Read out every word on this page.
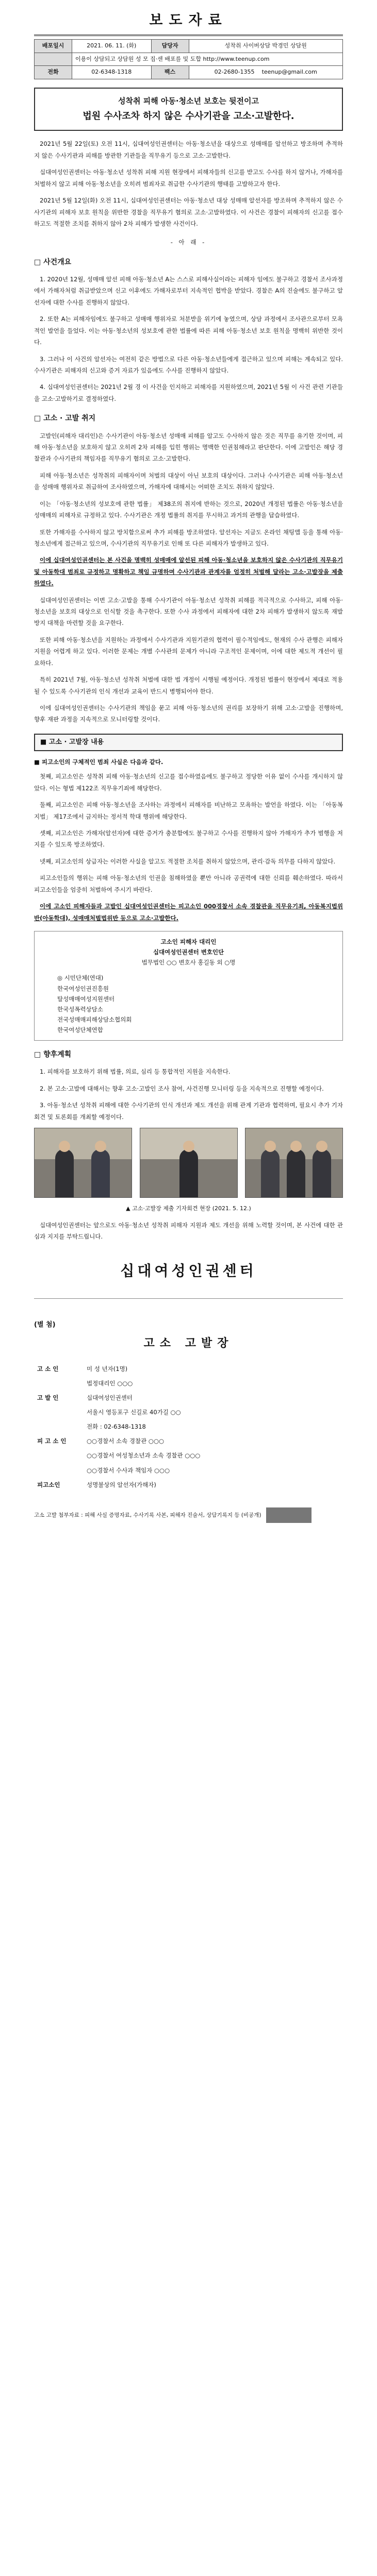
보도자료
배포일시	2021. 06. 11. (화)	담당자	성착취 사이버상담 박경민 상담원
	이용이 상담되고 상담원 성 모 집·센 배포를 및 도합 http://www.teenup.com		
전화	02-6348-1318	팩스	02-2680-1355 teenup@gmail.com
성착취 피해 아동·청소년 보호는 뒷전이고
법원 수사조차 하지 않은 수사기관을 고소·고발한다.

2021년 5월 22일(토) 오전 11시, 십대여성인권센터는 아동·청소년을 대상으로 성매매를 알선하고 방조하며 추적하지 않은 수사기관과 피해를 방관한 기관들을 직무유기 등으로 고소·고발한다.

십대여성인권센터는 아동·청소년 성착취 피해 지원 현장에서 피해자들의 신고를 받고도 수사를 하지 않거나, 가해자를 처벌하지 않고 피해 아동·청소년을 오히려 범죄자로 취급한 수사기관의 행태를 고발하고자 한다.

2021년 5월 12일(화) 오전 11시, 십대여성인권센터는 아동·청소년 대상 성매매 알선자를 방조하며 추적하지 않은 수사기관의 피해자 보호 원칙을 위반한 경찰을 직무유기 혐의로 고소·고발하였다. 이 사건은 경찰이 피해자의 신고를 접수하고도 적절한 조치를 취하지 않아 2차 피해가 발생한 사건이다.

- 아 래 -
□ 사건개요

1. 2020년 12월, 성매매 알선 피해 아동·청소년 A는 스스로 피해사실이라는 피해자 임에도 불구하고 경찰서 조사과정에서 가해자처럼 취급받았으며 신고 이후에도 가해자로부터 지속적인 협박을 받았다. 경찰은 A의 진술에도 불구하고 알선자에 대한 수사를 진행하지 않았다.

2. 또한 A는 피해자임에도 불구하고 성매매 행위자로 처분받을 위기에 놓였으며, 상담 과정에서 조사관으로부터 모욕적인 발언을 들었다. 이는 아동·청소년의 성보호에 관한 법률에 따른 피해 아동·청소년 보호 원칙을 명백히 위반한 것이다.

3. 그러나 이 사건의 알선자는 여전히 같은 방법으로 다른 아동·청소년들에게 접근하고 있으며 피해는 계속되고 있다. 수사기관은 피해자의 신고와 증거 자료가 있음에도 수사를 진행하지 않았다.

4. 십대여성인권센터는 2021년 2월 경 이 사건을 인지하고 피해자를 지원하였으며, 2021년 5월 이 사건 관련 기관들을 고소·고발하기로 결정하였다.

□ 고소 · 고발 취지

고발인(피해자 대리인)은 수사기관이 아동·청소년 성매매 피해를 알고도 수사하지 않은 것은 직무를 유기한 것이며, 피해 아동·청소년을 보호하지 않고 오히려 2차 피해를 입힌 행위는 명백한 인권침해라고 판단한다. 이에 고발인은 해당 경찰관과 수사기관의 책임자를 직무유기 혐의로 고소·고발한다.

피해 아동·청소년은 성착취의 피해자이며 처벌의 대상이 아닌 보호의 대상이다. 그러나 수사기관은 피해 아동·청소년을 성매매 행위자로 취급하여 조사하였으며, 가해자에 대해서는 어떠한 조치도 취하지 않았다.

이는 「아동·청소년의 성보호에 관한 법률」 제38조의 취지에 반하는 것으로, 2020년 개정된 법률은 아동·청소년을 성매매의 피해자로 규정하고 있다. 수사기관은 개정 법률의 취지를 무시하고 과거의 관행을 답습하였다.

또한 가해자를 수사하지 않고 방치함으로써 추가 피해를 방조하였다. 알선자는 지금도 온라인 채팅앱 등을 통해 아동·청소년에게 접근하고 있으며, 수사기관의 직무유기로 인해 또 다른 피해자가 발생하고 있다.

이에 십대여성인권센터는 본 사건을 명백히 성매매에 알선된 피해 아동·청소년을 보호하지 않은 수사기관의 직무유기 및 아동학대 범죄로 규정하고 명확하고 책임 규명하며 수사기관과 관계자를 엄정히 처벌해 달라는 고소·고발장을 제출하였다.

십대여성인권센터는 이번 고소·고발을 통해 수사기관이 아동·청소년 성착취 피해를 적극적으로 수사하고, 피해 아동·청소년을 보호의 대상으로 인식할 것을 촉구한다. 또한 수사 과정에서 피해자에 대한 2차 피해가 발생하지 않도록 재발 방지 대책을 마련할 것을 요구한다.

또한 피해 아동·청소년을 지원하는 과정에서 수사기관과 지원기관의 협력이 필수적임에도, 현재의 수사 관행은 피해자 지원을 어렵게 하고 있다. 이러한 문제는 개별 수사관의 문제가 아니라 구조적인 문제이며, 이에 대한 제도적 개선이 필요하다.

특히 2021년 7월, 아동·청소년 성착취 처벌에 대한 법 개정이 시행될 예정이다. 개정된 법률이 현장에서 제대로 적용될 수 있도록 수사기관의 인식 개선과 교육이 반드시 병행되어야 한다.

이에 십대여성인권센터는 수사기관의 책임을 묻고 피해 아동·청소년의 권리를 보장하기 위해 고소·고발을 진행하며, 향후 재판 과정을 지속적으로 모니터링할 것이다.

■ 고소 · 고발장 내용
■ 피고소인의 구체적인 범죄 사실은 다음과 같다.

첫째, 피고소인은 성착취 피해 아동·청소년의 신고를 접수하였음에도 불구하고 정당한 이유 없이 수사를 개시하지 않았다. 이는 형법 제122조 직무유기죄에 해당한다.

둘째, 피고소인은 피해 아동·청소년을 조사하는 과정에서 피해자를 비난하고 모욕하는 발언을 하였다. 이는 「아동복지법」 제17조에서 금지하는 정서적 학대 행위에 해당한다.

셋째, 피고소인은 가해자(알선자)에 대한 증거가 충분함에도 불구하고 수사를 진행하지 않아 가해자가 추가 범행을 저지를 수 있도록 방조하였다.

넷째, 피고소인의 상급자는 이러한 사실을 알고도 적절한 조치를 취하지 않았으며, 관리·감독 의무를 다하지 않았다.

피고소인들의 행위는 피해 아동·청소년의 인권을 침해하였을 뿐만 아니라 공권력에 대한 신뢰를 훼손하였다. 따라서 피고소인들을 엄중히 처벌하여 주시기 바란다.

이에 고소인 피해자들과 고발인 십대여성인권센터는 피고소인 000경찰서 소속 경찰관을 직무유기죄, 아동복지법위반(아동학대), 성매매처벌법위반 등으로 고소·고발한다.

고소인 피해자 대리인
십대여성인권센터 변호인단
법무법인 ○○ 변호사 홍길동 외 ○명
◎ 시민단체(연대)
한국여성인권진흥원
탈성매매여성지원센터
한국성폭력상담소
전국성매매피해상담소협의회
한국여성단체연합
□ 향후계획

1. 피해자를 보호하기 위해 법률, 의료, 심리 등 통합적인 지원을 지속한다.

2. 본 고소·고발에 대해서는 향후 고소·고발인 조사 참여, 사건진행 모니터링 등을 지속적으로 진행할 예정이다.

3. 아동·청소년 성착취 피해에 대한 수사기관의 인식 개선과 제도 개선을 위해 관계 기관과 협력하며, 필요시 추가 기자회견 및 토론회를 개최할 예정이다.

▲ 고소·고발장 제출 기자회견 현장 (2021. 5. 12.)

십대여성인권센터는 앞으로도 아동·청소년 성착취 피해자 지원과 제도 개선을 위해 노력할 것이며, 본 사건에 대한 관심과 지지를 부탁드립니다.

십대여성인권센터
(별 첨)
고소 고발장
고 소 인	미 성 년자(1명)
	법정대리인 ○○○
고 발 인	십대여성인권센터
	서울시 영등포구 신길로 40가길 ○○
	전화 : 02-6348-1318
피 고 소 인	○○경찰서 소속 경찰관 ○○○
	○○경찰서 여성청소년과 소속 경찰관 ○○○
	○○경찰서 수사과 책임자 ○○○
피고소인	성명불상의 알선자(가해자)

고소 고발 첨부자료 : 피해 사실 증명자료, 수사기록 사본, 피해자 진술서, 상담기록지 등 (비공개)
